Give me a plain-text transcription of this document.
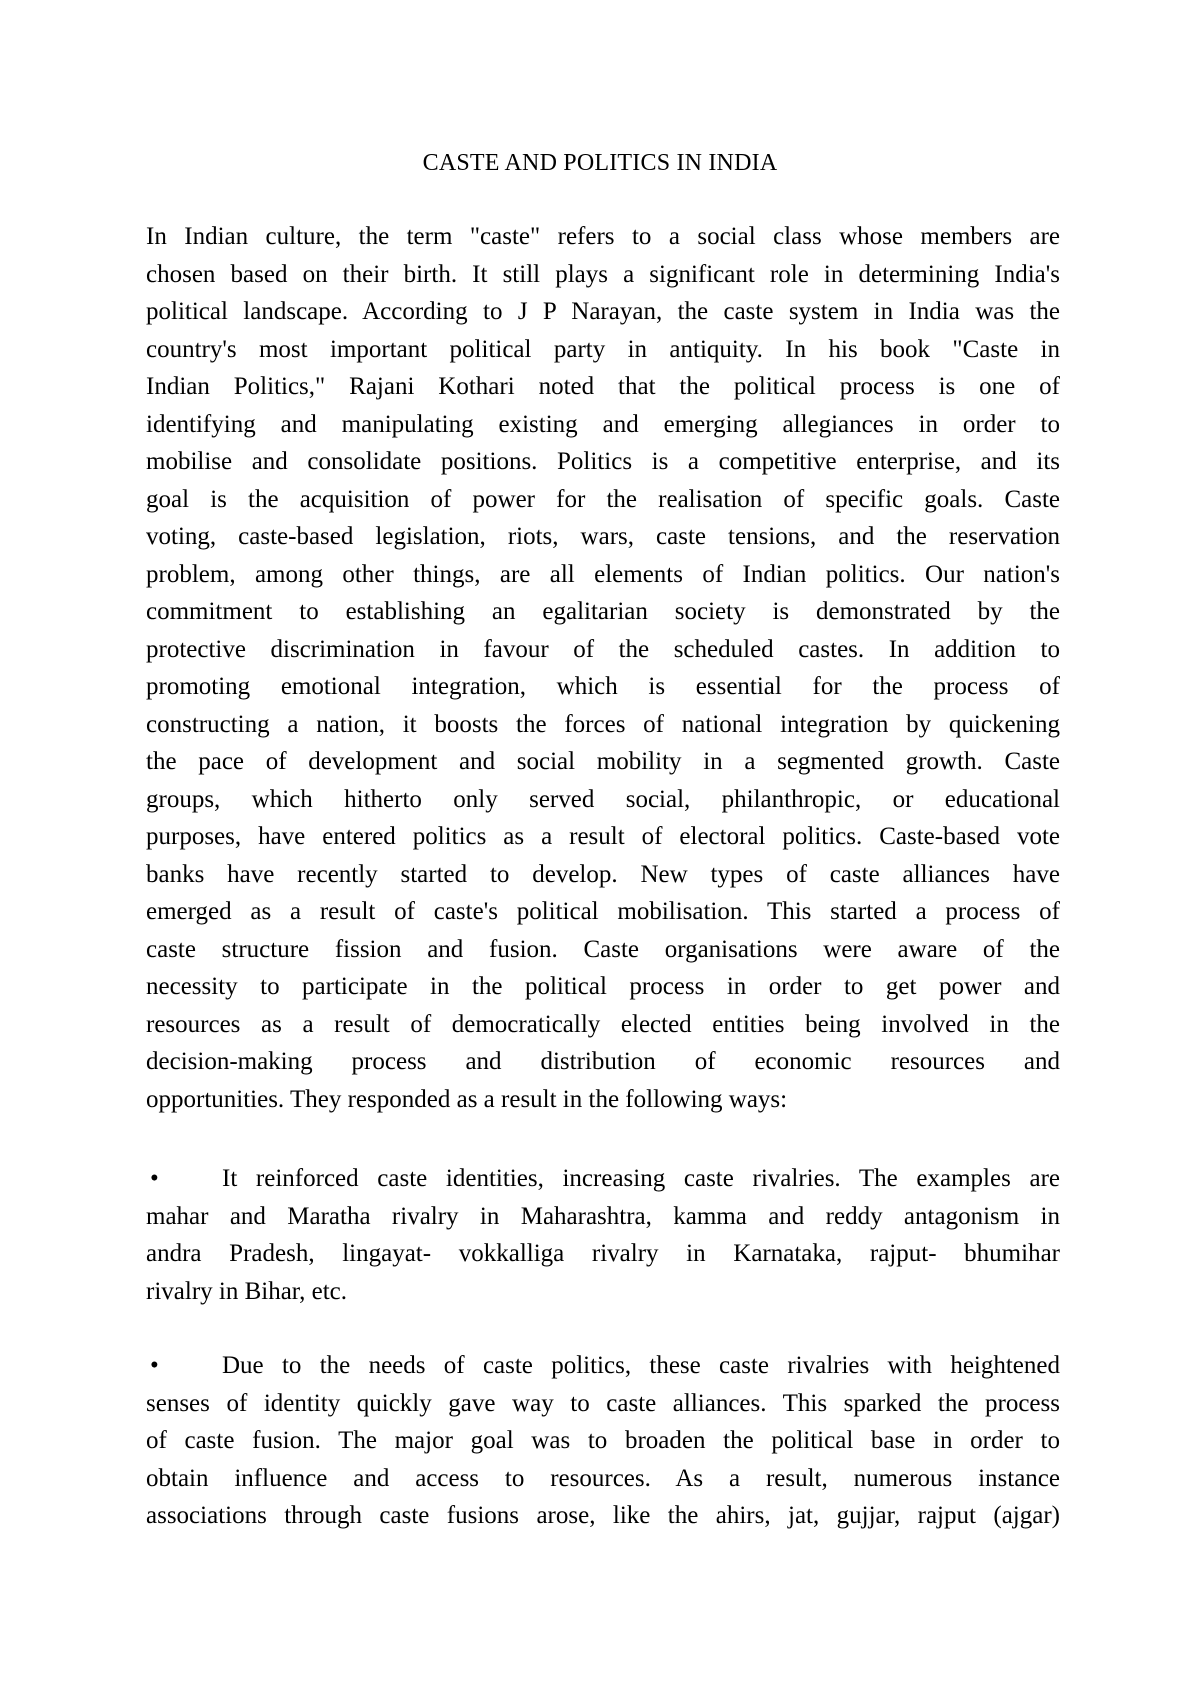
CASTE AND POLITICS IN INDIA
In Indian culture, the term "caste" refers to a social class whose members are
chosen based on their birth. It still plays a significant role in determining India's
political landscape. According to J P Narayan, the caste system in India was the
country's most important political party in antiquity. In his book "Caste in
Indian Politics," Rajani Kothari noted that the political process is one of
identifying and manipulating existing and emerging allegiances in order to
mobilise and consolidate positions. Politics is a competitive enterprise, and its
goal is the acquisition of power for the realisation of specific goals. Caste
voting, caste-based legislation, riots, wars, caste tensions, and the reservation
problem, among other things, are all elements of Indian politics. Our nation's
commitment to establishing an egalitarian society is demonstrated by the
protective discrimination in favour of the scheduled castes. In addition to
promoting emotional integration, which is essential for the process of
constructing a nation, it boosts the forces of national integration by quickening
the pace of development and social mobility in a segmented growth. Caste
groups, which hitherto only served social, philanthropic, or educational
purposes, have entered politics as a result of electoral politics. Caste-based vote
banks have recently started to develop. New types of caste alliances have
emerged as a result of caste's political mobilisation. This started a process of
caste structure fission and fusion. Caste organisations were aware of the
necessity to participate in the political process in order to get power and
resources as a result of democratically elected entities being involved in the
decision-making process and distribution of economic resources and
opportunities. They responded as a result in the following ways:
•	It reinforced caste identities, increasing caste rivalries. The examples are
mahar and Maratha rivalry in Maharashtra, kamma and reddy antagonism in
andra Pradesh, lingayat- vokkalliga rivalry in Karnataka, rajput- bhumihar
rivalry in Bihar, etc.
•	Due to the needs of caste politics, these caste rivalries with heightened
senses of identity quickly gave way to caste alliances. This sparked the process
of caste fusion. The major goal was to broaden the political base in order to
obtain influence and access to resources. As a result, numerous instance
associations through caste fusions arose, like the ahirs, jat, gujjar, rajput (ajgar)
